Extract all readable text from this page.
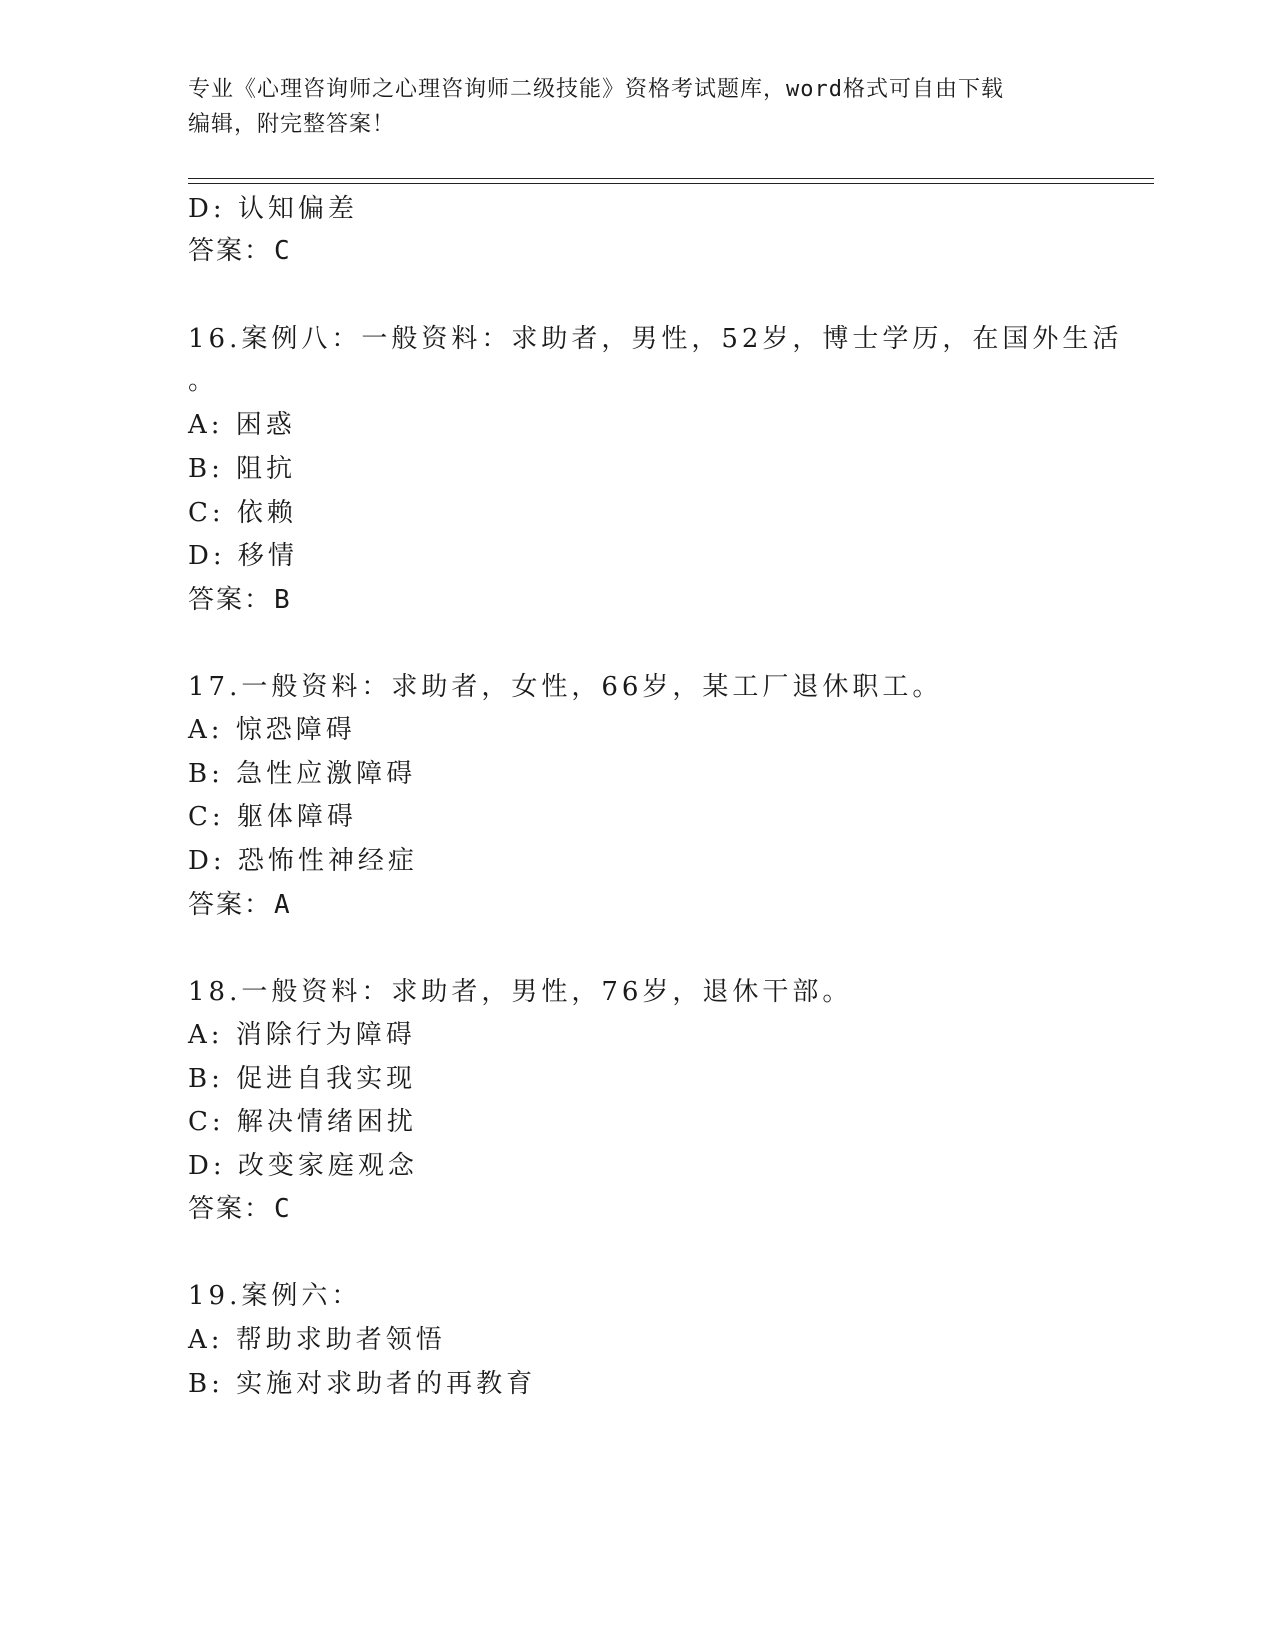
专业《心理咨询师之心理咨询师二级技能》资格考试题库，word格式可自由下载
编辑，附完整答案！
D: 认知偏差
答案：C
16.案例八：一般资料：求助者，男性，52岁，博士学历，在国外生活
。
A: 困惑
B: 阻抗
C: 依赖
D: 移情
答案：B
17.一般资料：求助者，女性，66岁，某工厂退休职工。
A: 惊恐障碍
B: 急性应激障碍
C: 躯体障碍
D: 恐怖性神经症
答案：A
18.一般资料：求助者，男性，76岁，退休干部。
A: 消除行为障碍
B: 促进自我实现
C: 解决情绪困扰
D: 改变家庭观念
答案：C
19.案例六：
A: 帮助求助者领悟
B: 实施对求助者的再教育
